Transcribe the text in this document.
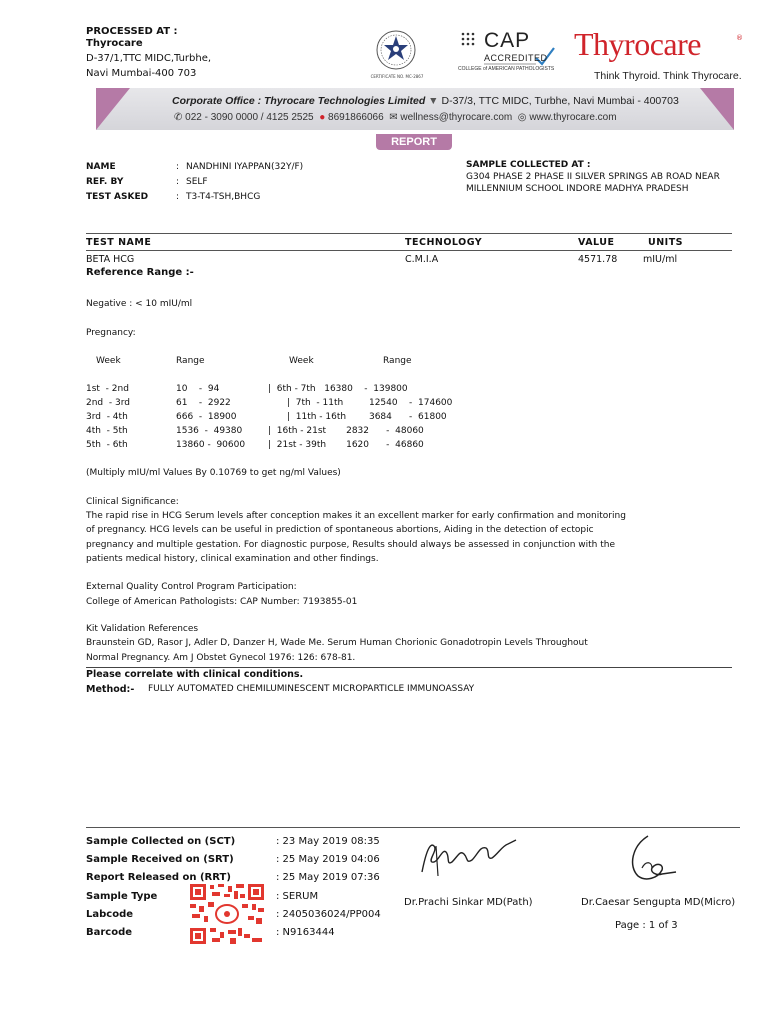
PROCESSED AT :
Thyrocare
D-37/1,TTC MIDC,Turbhe,
Navi Mumbai-400 703	CERTIFICATE NO. MC-2867
CAP
ACCREDITED
COLLEGE of AMERICAN PATHOLOGISTS
Thyrocare	®
Think Thyroid. Think Thyrocare.
Corporate Office : Thyrocare Technologies Limited ▼ D-37/3, TTC MIDC, Turbhe, Navi Mumbai - 400703
✆ 022 - 3090 0000 / 4125 2525 ● 8691866066 ✉ wellness@thyrocare.com ◎ www.thyrocare.com
REPORT
NAME	: NANDHINI IYAPPAN(32Y/F)
REF. BY	: SELF
TEST ASKED	: T3-T4-TSH,BHCG
SAMPLE COLLECTED AT :
G304 PHASE 2 PHASE II SILVER SPRINGS AB ROAD NEAR MILLENNIUM SCHOOL INDORE MADHYA PRADESH
TEST NAME	TECHNOLOGY	VALUE	UNITS
BETA HCG	C.M.I.A	4571.78	mIU/ml
Reference Range :-
Negative : < 10 mIU/ml
Pregnancy:
Week	Range	Week	Range
1st  - 2nd	10    -  94	|  6th - 7th   16380    -  139800
2nd  - 3rd	61    -  2922	|  7th  - 11th         12540    -  174600
3rd  - 4th	666  -  18900	|  11th - 16th        3684      -  61800
4th  - 5th	1536  -  49380	|  16th - 21st       2832      -  48060
5th  - 6th	13860 -  90600	|  21st - 39th       1620      -  46860
(Multiply mIU/ml Values By 0.10769 to get ng/ml Values)
Clinical Significance:
The rapid rise in HCG Serum levels after conception makes it an excellent marker for early confirmation and monitoring
of pregnancy. HCG levels can be useful in prediction of spontaneous abortions, Aiding in the detection of ectopic
pregnancy and multiple gestation. For diagnostic purpose, Results should always be assessed in conjunction with the
patients medical history, clinical examination and other findings.
External Quality Control Program Participation:
College of American Pathologists: CAP Number: 7193855-01
Kit Validation References
Braunstein GD, Rasor J, Adler D, Danzer H, Wade Me. Serum Human Chorionic Gonadotropin Levels Throughout
Normal Pregnancy. Am J Obstet Gynecol 1976: 126: 678-81.
Please correlate with clinical conditions.
Method:- FULLY AUTOMATED CHEMILUMINESCENT MICROPARTICLE IMMUNOASSAY
Sample Collected on (SCT)	: 23 May 2019 08:35
Sample Received on (SRT)	: 25 May 2019 04:06
Report Released on (RRT)	: 25 May 2019 07:36
Sample Type	: SERUM
Labcode	: 2405036024/PP004
Barcode	: N9163444
Dr.Prachi Sinkar MD(Path)	Dr.Caesar Sengupta MD(Micro)
Page : 1 of 3
